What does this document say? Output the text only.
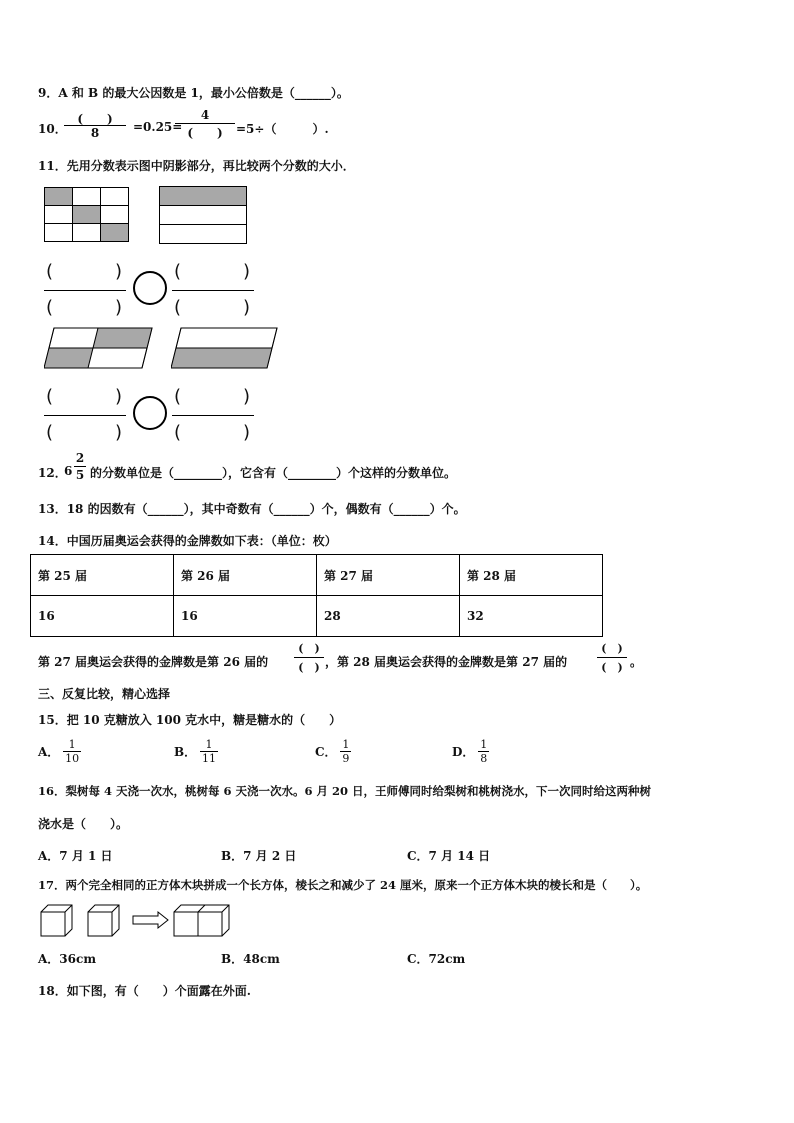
9．A 和 B 的最大公因数是 1，最小公倍数是（______）。
10．
(　　)
8	=0.25=
4
(　　)	=5÷（　　　）.
11．先用分数表示图中阴影部分，再比较两个分数的大小．

(	)
(	)
(	)
(	)
(	)
(	)
(	)
(	)
12．
6
2
5 的分数单位是（________），它含有（________）个这样的分数单位。
13．18 的因数有（______），其中奇数有（______）个，偶数有（______）个。
14．中国历届奥运会获得的金牌数如下表：（单位：枚）
第 25 届	第 26 届	第 27 届	第 28 届
16	16	28	32
第 27 届奥运会获得的金牌数是第 26 届的
(　)
(　) ，第 28 届奥运会获得的金牌数是第 27 届的
(　)
(　) 。
三、反复比较，精心选择
15．把 10 克糖放入 100 克水中，糖是糖水的（　　）
A． $\frac{1}{10}$	B． $\frac{1}{11}$	C． $\frac{1}{9}$	D． $\frac{1}{8}$
16．梨树每 4 天浇一次水，桃树每 6 天浇一次水。6 月 20 日，王师傅同时给梨树和桃树浇水，下一次同时给这两种树
浇水是（　　）。
A．7 月 1 日	B．7 月 2 日	C．7 月 14 日
17．两个完全相同的正方体木块拼成一个长方体，棱长之和减少了 24 厘米，原来一个正方体木块的棱长和是（　　）。
A．36cm	B．48cm	C．72cm
18．如下图，有（　　）个面露在外面.
